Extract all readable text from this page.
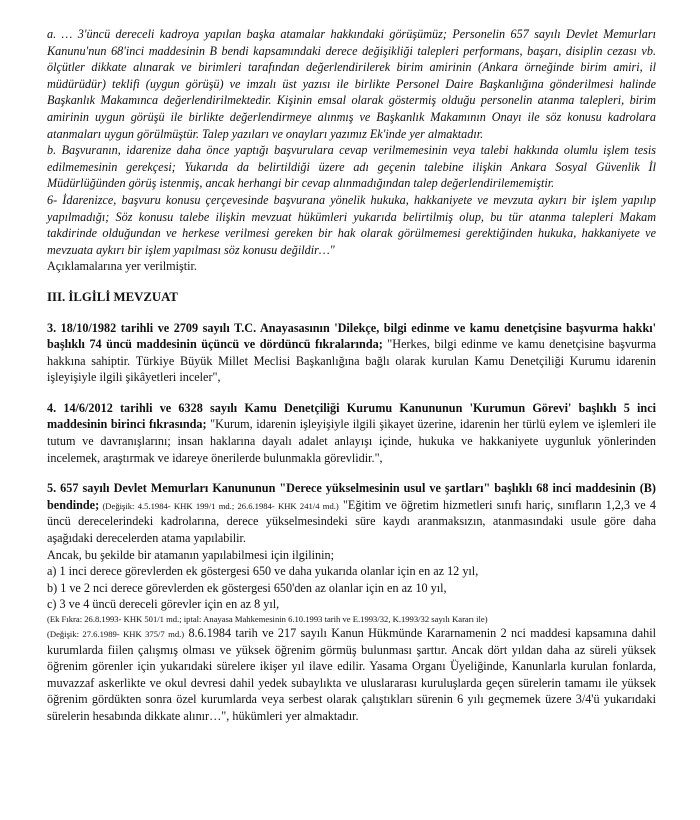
a. … 3'üncü dereceli kadroya yapılan başka atamalar hakkındaki görüşümüz; Personelin 657 sayılı Devlet Memurları Kanunu'nun 68'inci maddesinin B bendi kapsamındaki derece değişikliği talepleri performans, başarı, disiplin cezası vb. ölçütler dikkate alınarak ve birimleri tarafından değerlendirilerek birim amirinin (Ankara örneğinde birim amiri, il müdürüdür) teklifi (uygun görüşü) ve imzalı üst yazısı ile birlikte Personel Daire Başkanlığına gönderilmesi halinde Başkanlık Makamınca değerlendirilmektedir. Kişinin emsal olarak göstermiş olduğu personelin atanma talepleri, birim amirinin uygun görüşü ile birlikte değerlendirmeye alınmış ve Başkanlık Makamının Onayı ile söz konusu kadrolara atanmaları uygun görülmüştür. Talep yazıları ve onayları yazımız Ek'inde yer almaktadır.

b. Başvuranın, idarenize daha önce yaptığı başvurulara cevap verilmemesinin veya talebi hakkında olumlu işlem tesis edilmemesinin gerekçesi; Yukarıda da belirtildiği üzere adı geçenin talebine ilişkin Ankara Sosyal Güvenlik İl Müdürlüğünden görüş istenmiş, ancak herhangi bir cevap alınmadığından talep değerlendirilememiştir.

6- İdarenizce, başvuru konusu çerçevesinde başvurana yönelik hukuka, hakkaniyete ve mevzuta aykırı bir işlem yapılıp yapılmadığı; Söz konusu talebe ilişkin mevzuat hükümleri yukarıda belirtilmiş olup, bu tür atanma talepleri Makam takdirinde olduğundan ve herkese verilmesi gereken bir hak olarak görülmemesi gerektiğinden hukuka, hakkaniyete ve mevzuata aykırı bir işlem yapılması söz konusu değildir…"

Açıklamalarına yer verilmiştir.

III. İLGİLİ MEVZUAT

3. 18/10/1982 tarihli ve 2709 sayılı T.C. Anayasasının 'Dilekçe, bilgi edinme ve kamu denetçisine başvurma hakkı' başlıklı 74 üncü maddesinin üçüncü ve dördüncü fıkralarında; "Herkes, bilgi edinme ve kamu denetçisine başvurma hakkına sahiptir. Türkiye Büyük Millet Meclisi Başkanlığına bağlı olarak kurulan Kamu Denetçiliği Kurumu idarenin işleyişiyle ilgili şikâyetleri inceler",

4. 14/6/2012 tarihli ve 6328 sayılı Kamu Denetçiliği Kurumu Kanununun 'Kurumun Görevi' başlıklı 5 inci maddesinin birinci fıkrasında; "Kurum, idarenin işleyişiyle ilgili şikayet üzerine, idarenin her türlü eylem ve işlemleri ile tutum ve davranışlarını; insan haklarına dayalı adalet anlayışı içinde, hukuka ve hakkaniyete uygunluk yönlerinden incelemek, araştırmak ve idareye önerilerde bulunmakla görevlidir.",

5. 657 sayılı Devlet Memurları Kanununun "Derece yükselmesinin usul ve şartları" başlıklı 68 inci maddesinin (B) bendinde; (Değişik: 4.5.1984- KHK 199/1 md.; 26.6.1984- KHK 241/4 md.) "Eğitim ve öğretim hizmetleri sınıfı hariç, sınıfların 1,2,3 ve 4 üncü derecelerindeki kadrolarına, derece yükselmesindeki süre kaydı aranmaksızın, atanmasındaki usule göre daha aşağıdaki derecelerden atama yapılabilir.

Ancak, bu şekilde bir atamanın yapılabilmesi için ilgilinin;

a) 1 inci derece görevlerden ek göstergesi 650 ve daha yukarıda olanlar için en az 12 yıl,

b) 1 ve 2 nci derece görevlerden ek göstergesi 650'den az olanlar için en az 10 yıl,

c) 3 ve 4 üncü dereceli görevler için en az 8 yıl,

(Ek Fıkra: 26.8.1993- KHK 501/1 md.; iptal: Anayasa Mahkemesinin 6.10.1993 tarih ve E.1993/32, K.1993/32 sayılı Kararı ile)

(Değişik: 27.6.1989- KHK 375/7 md.) 8.6.1984 tarih ve 217 sayılı Kanun Hükmünde Kararnamenin 2 nci maddesi kapsamına dahil kurumlarda fiilen çalışmış olması ve yüksek öğrenim görmüş bulunması şarttır. Ancak dört yıldan daha az süreli yüksek öğrenim görenler için yukarıdaki sürelere ikişer yıl ilave edilir. Yasama Organı Üyeliğinde, Kanunlarla kurulan fonlarda, muvazzaf askerlikte ve okul devresi dahil yedek subaylıkta ve uluslararası kuruluşlarda geçen sürelerin tamamı ile yüksek öğrenim gördükten sonra özel kurumlarda veya serbest olarak çalıştıkları sürenin 6 yılı geçmemek üzere 3/4'ü yukarıdaki sürelerin hesabında dikkate alınır…", hükümleri yer almaktadır.
